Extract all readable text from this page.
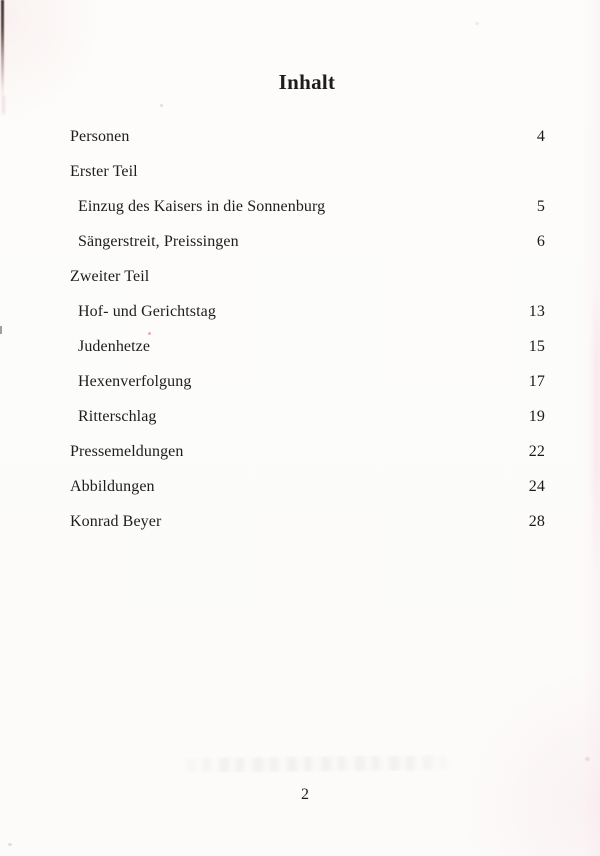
Inhalt
Personen	4
Erster Teil
Einzug des Kaisers in die Sonnenburg	5
Sängerstreit, Preissingen	6
Zweiter Teil
Hof- und Gerichtstag	13
Judenhetze	15
Hexenverfolgung	17
Ritterschlag	19
Pressemeldungen	22
Abbildungen	24
Konrad Beyer	28
2
